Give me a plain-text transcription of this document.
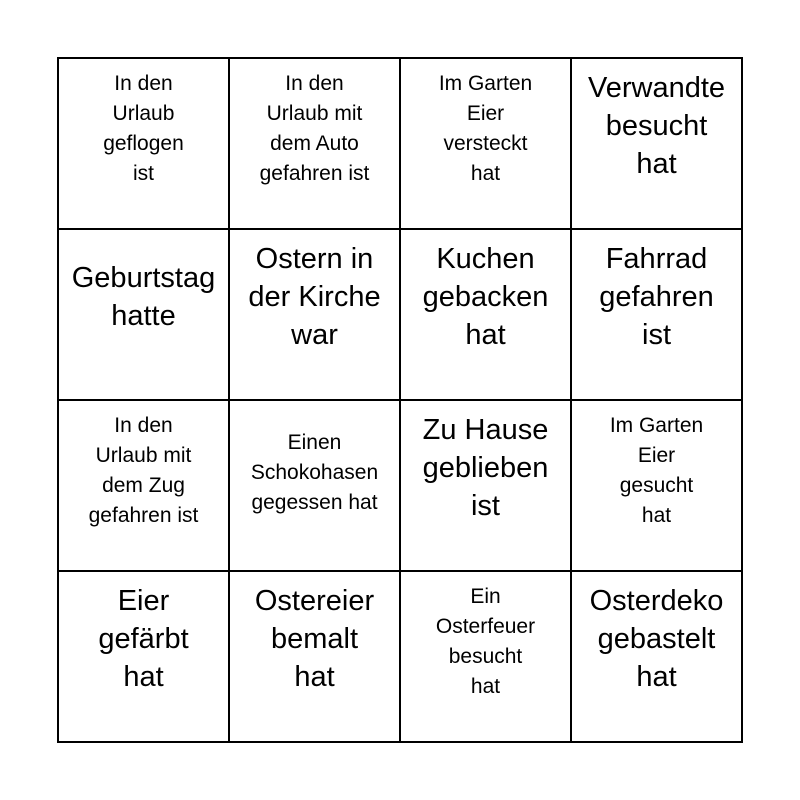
In den
Urlaub
geflogen
ist
In den
Urlaub mit
dem Auto
gefahren ist
Im Garten
Eier
versteckt
hat
Verwandte
besucht
hat
Geburtstag
hatte
Ostern in
der Kirche
war
Kuchen
gebacken
hat
Fahrrad
gefahren
ist
In den
Urlaub mit
dem Zug
gefahren ist
Einen
Schokohasen
gegessen hat
Zu Hause
geblieben
ist
Im Garten
Eier
gesucht
hat
Eier
gefärbt
hat
Ostereier
bemalt
hat
Ein
Osterfeuer
besucht
hat
Osterdeko
gebastelt
hat
